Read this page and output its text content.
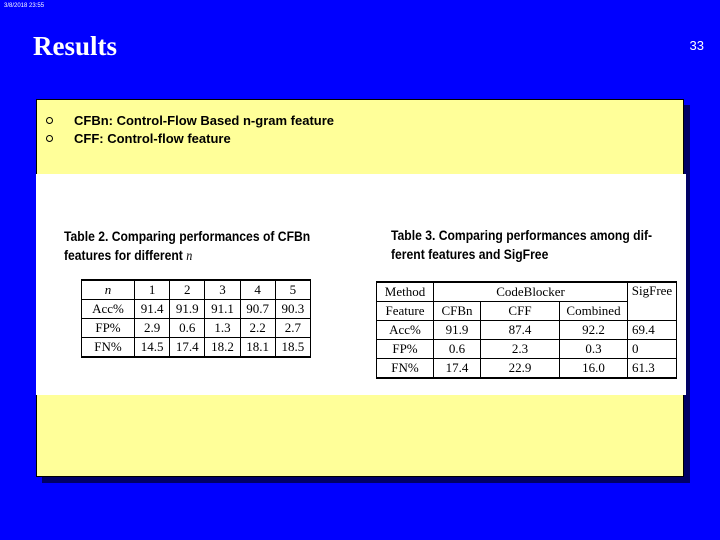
3/8/2018 23:55
Results	33
CFBn: Control-Flow Based n-gram feature
CFF: Control-flow feature
Table 2. Comparing performances of CFBn
features for different n
n	1	2	3	4	5
Acc%	91.4	91.9	91.1	90.7	90.3
FP%	2.9	0.6	1.3	2.2	2.7
FN%	14.5	17.4	18.2	18.1	18.5
Table 3. Comparing performances among dif-
ferent features and SigFree
Method	CodeBlocker			SigFree
Feature	CFBn	CFF	Combined	
Acc%	91.9	87.4	92.2	69.4
FP%	0.6	2.3	0.3	0
FN%	17.4	22.9	16.0	61.3
